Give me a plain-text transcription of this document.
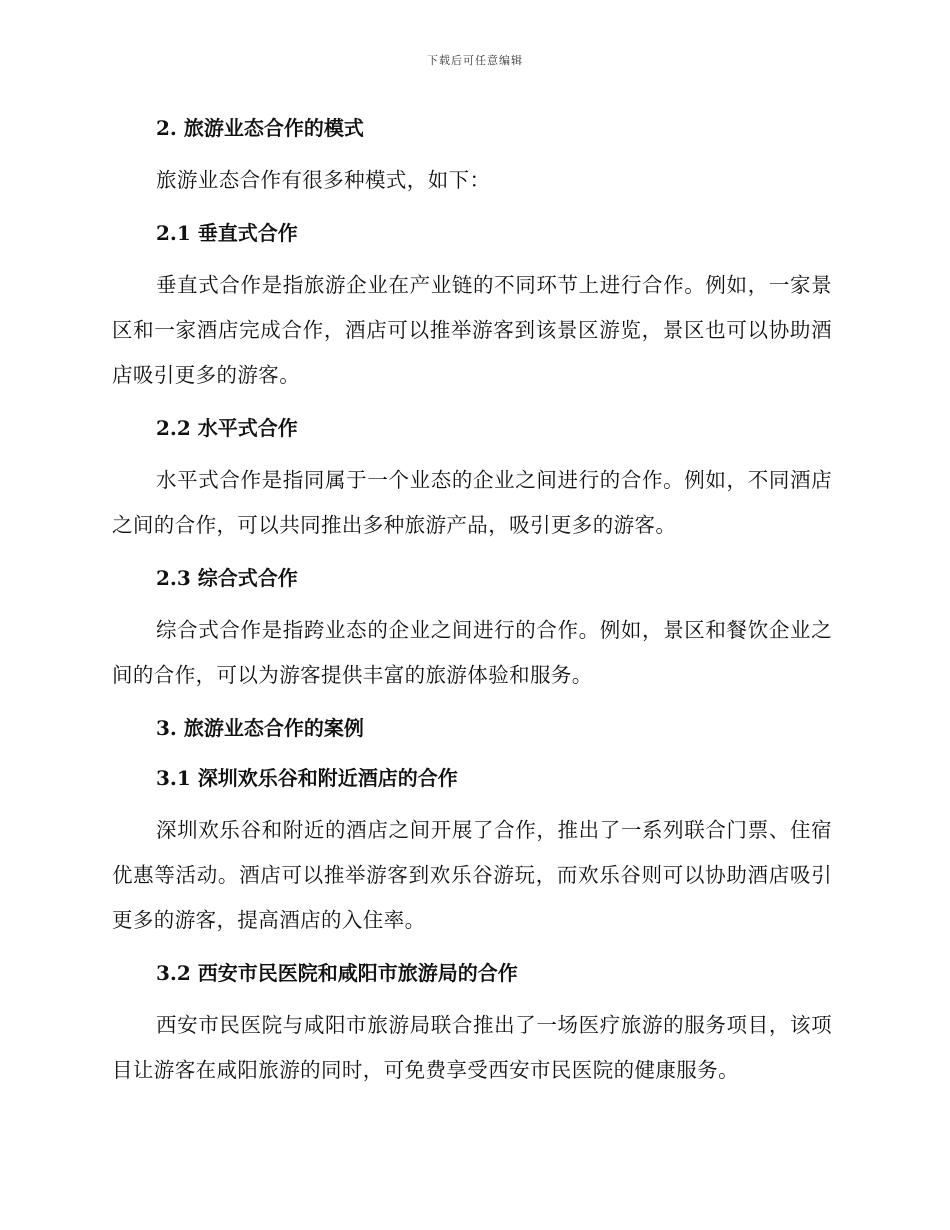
下载后可任意编辑
2. 旅游业态合作的模式

旅游业态合作有很多种模式，如下：

2.1 垂直式合作

垂直式合作是指旅游企业在产业链的不同环节上进行合作。例如，一家景区和一家酒店完成合作，酒店可以推举游客到该景区游览，景区也可以协助酒店吸引更多的游客。

2.2 水平式合作

水平式合作是指同属于一个业态的企业之间进行的合作。例如，不同酒店之间的合作，可以共同推出多种旅游产品，吸引更多的游客。

2.3 综合式合作

综合式合作是指跨业态的企业之间进行的合作。例如，景区和餐饮企业之间的合作，可以为游客提供丰富的旅游体验和服务。

3. 旅游业态合作的案例
3.1 深圳欢乐谷和附近酒店的合作

深圳欢乐谷和附近的酒店之间开展了合作，推出了一系列联合门票、住宿优惠等活动。酒店可以推举游客到欢乐谷游玩，而欢乐谷则可以协助酒店吸引更多的游客，提高酒店的入住率。

3.2 西安市民医院和咸阳市旅游局的合作

西安市民医院与咸阳市旅游局联合推出了一场医疗旅游的服务项目，该项目让游客在咸阳旅游的同时，可免费享受西安市民医院的健康服务。
